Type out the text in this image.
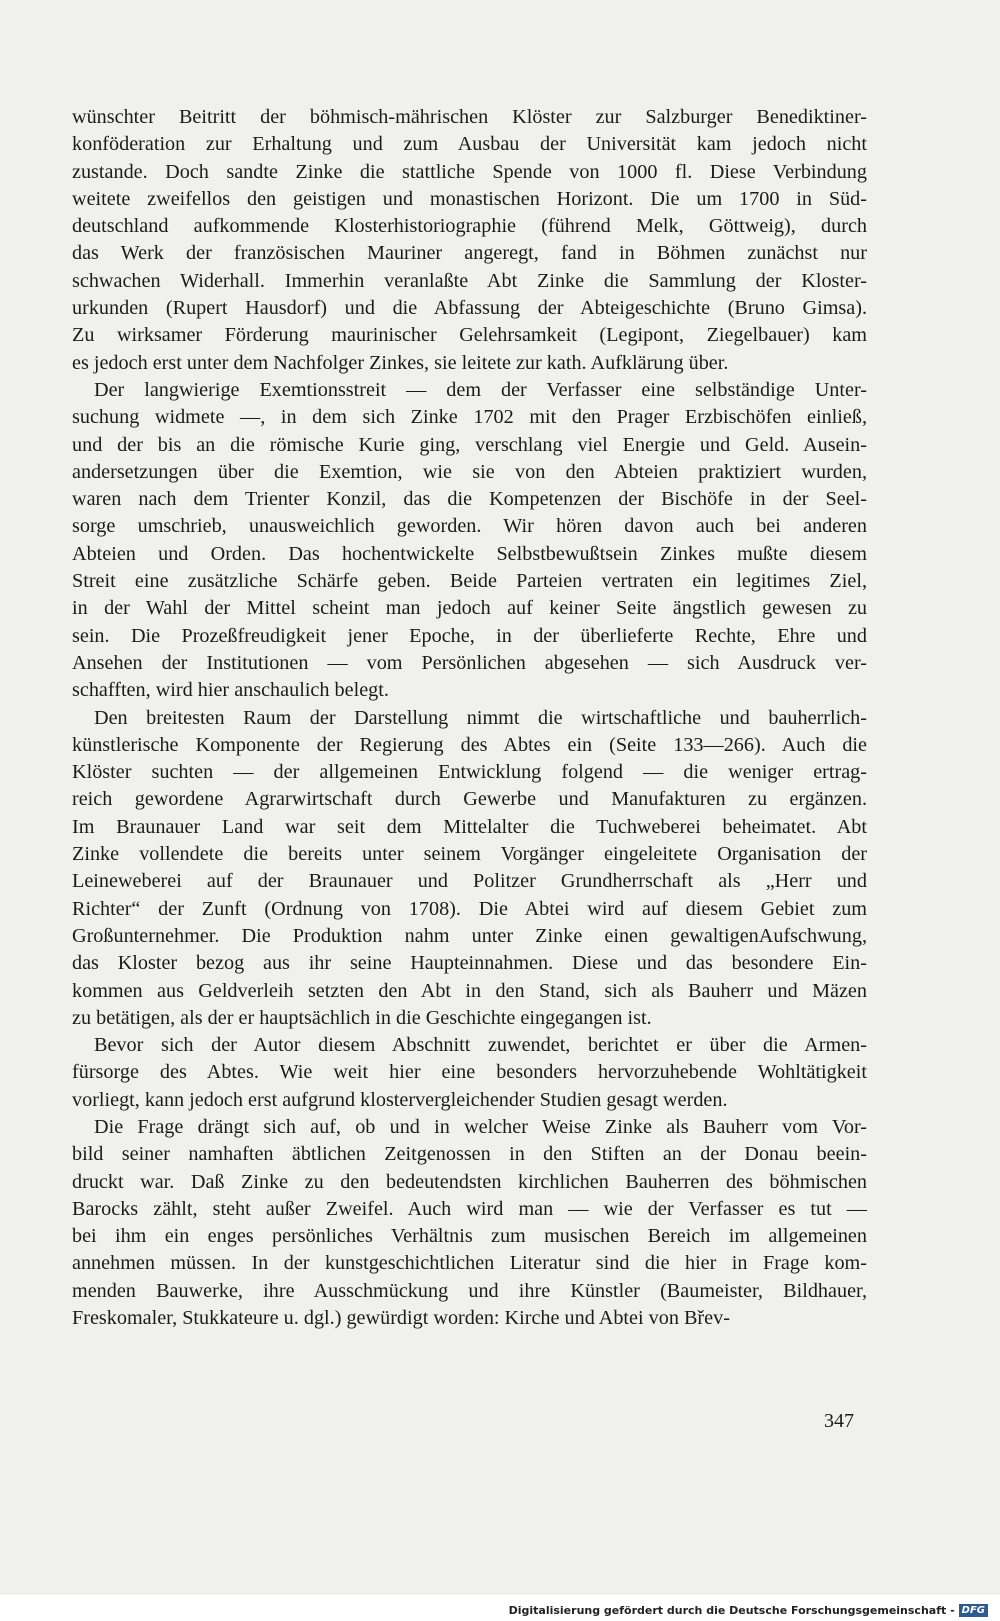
wünschter Beitritt der böhmisch-mährischen Klöster zur Salzburger Benediktiner-
konföderation zur Erhaltung und zum Ausbau der Universität kam jedoch nicht
zustande. Doch sandte Zinke die stattliche Spende von 1000 fl. Diese Verbindung
weitete zweifellos den geistigen und monastischen Horizont. Die um 1700 in Süd-
deutschland aufkommende Klosterhistoriographie (führend Melk, Göttweig), durch
das Werk der französischen Mauriner angeregt, fand in Böhmen zunächst nur
schwachen Widerhall. Immerhin veranlaßte Abt Zinke die Sammlung der Kloster-
urkunden (Rupert Hausdorf) und die Abfassung der Abteigeschichte (Bruno Gimsa).
Zu wirksamer Förderung maurinischer Gelehrsamkeit (Legipont, Ziegelbauer) kam
es jedoch erst unter dem Nachfolger Zinkes, sie leitete zur kath. Aufklärung über.
Der langwierige Exemtionsstreit — dem der Verfasser eine selbständige Unter-
suchung widmete —, in dem sich Zinke 1702 mit den Prager Erzbischöfen einließ,
und der bis an die römische Kurie ging, verschlang viel Energie und Geld. Ausein-
andersetzungen über die Exemtion, wie sie von den Abteien praktiziert wurden,
waren nach dem Trienter Konzil, das die Kompetenzen der Bischöfe in der Seel-
sorge umschrieb, unausweichlich geworden. Wir hören davon auch bei anderen
Abteien und Orden. Das hochentwickelte Selbstbewußtsein Zinkes mußte diesem
Streit eine zusätzliche Schärfe geben. Beide Parteien vertraten ein legitimes Ziel,
in der Wahl der Mittel scheint man jedoch auf keiner Seite ängstlich gewesen zu
sein. Die Prozeßfreudigkeit jener Epoche, in der überlieferte Rechte, Ehre und
Ansehen der Institutionen — vom Persönlichen abgesehen — sich Ausdruck ver-
schafften, wird hier anschaulich belegt.
Den breitesten Raum der Darstellung nimmt die wirtschaftliche und bauherrlich-
künstlerische Komponente der Regierung des Abtes ein (Seite 133—266). Auch die
Klöster suchten — der allgemeinen Entwicklung folgend — die weniger ertrag-
reich gewordene Agrarwirtschaft durch Gewerbe und Manufakturen zu ergänzen.
Im Braunauer Land war seit dem Mittelalter die Tuchweberei beheimatet. Abt
Zinke vollendete die bereits unter seinem Vorgänger eingeleitete Organisation der
Leineweberei auf der Braunauer und Politzer Grundherrschaft als „Herr und
Richter“ der Zunft (Ordnung von 1708). Die Abtei wird auf diesem Gebiet zum
Großunternehmer. Die Produktion nahm unter Zinke einen gewaltigenAufschwung,
das Kloster bezog aus ihr seine Haupteinnahmen. Diese und das besondere Ein-
kommen aus Geldverleih setzten den Abt in den Stand, sich als Bauherr und Mäzen
zu betätigen, als der er hauptsächlich in die Geschichte eingegangen ist.
Bevor sich der Autor diesem Abschnitt zuwendet, berichtet er über die Armen-
fürsorge des Abtes. Wie weit hier eine besonders hervorzuhebende Wohltätigkeit
vorliegt, kann jedoch erst aufgrund klostervergleichender Studien gesagt werden.
Die Frage drängt sich auf, ob und in welcher Weise Zinke als Bauherr vom Vor-
bild seiner namhaften äbtlichen Zeitgenossen in den Stiften an der Donau beein-
druckt war. Daß Zinke zu den bedeutendsten kirchlichen Bauherren des böhmischen
Barocks zählt, steht außer Zweifel. Auch wird man — wie der Verfasser es tut —
bei ihm ein enges persönliches Verhältnis zum musischen Bereich im allgemeinen
annehmen müssen. In der kunstgeschichtlichen Literatur sind die hier in Frage kom-
menden Bauwerke, ihre Ausschmückung und ihre Künstler (Baumeister, Bildhauer,
Freskomaler, Stukkateure u. dgl.) gewürdigt worden: Kirche und Abtei von Břev-
347
Digitalisierung gefördert durch die Deutsche Forschungsgemeinschaft - DFG
